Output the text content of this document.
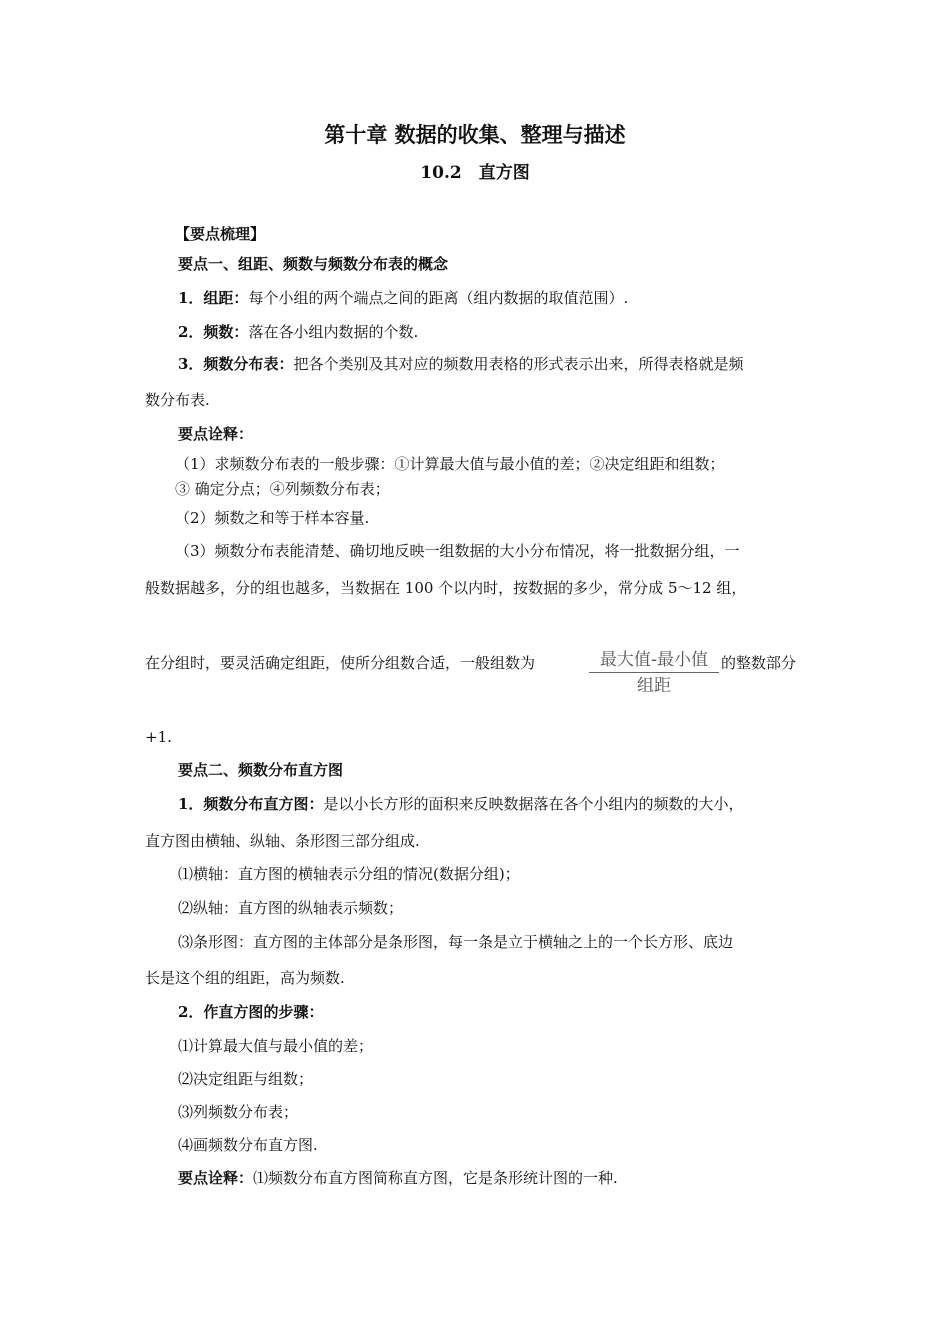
第十章 数据的收集、整理与描述
10.2　直方图
【要点梳理】
要点一、组距、频数与频数分布表的概念
1．组距：每个小组的两个端点之间的距离（组内数据的取值范围）.
2．频数：落在各小组内数据的个数.
3．频数分布表：把各个类别及其对应的频数用表格的形式表示出来，所得表格就是频
数分布表.
要点诠释：
（1）求频数分布表的一般步骤：①计算最大值与最小值的差；②决定组距和组数；
③ 确定分点；④列频数分布表；
（2）频数之和等于样本容量.
（3）频数分布表能清楚、确切地反映一组数据的大小分布情况，将一批数据分组，一
般数据越多，分的组也越多，当数据在 100 个以内时，按数据的多少，常分成 5～12 组，
在分组时，要灵活确定组距，使所分组数合适，一般组数为	最大值-最小值
组距
的整数部分
+1.
要点二、频数分布直方图
1．频数分布直方图：是以小长方形的面积来反映数据落在各个小组内的频数的大小，
直方图由横轴、纵轴、条形图三部分组成.
⑴横轴：直方图的横轴表示分组的情况(数据分组)；
⑵纵轴：直方图的纵轴表示频数；
⑶条形图：直方图的主体部分是条形图，每一条是立于横轴之上的一个长方形、底边
长是这个组的组距，高为频数.
2．作直方图的步骤：
⑴计算最大值与最小值的差；
⑵决定组距与组数；
⑶列频数分布表；
⑷画频数分布直方图.
要点诠释：⑴频数分布直方图简称直方图，它是条形统计图的一种.
